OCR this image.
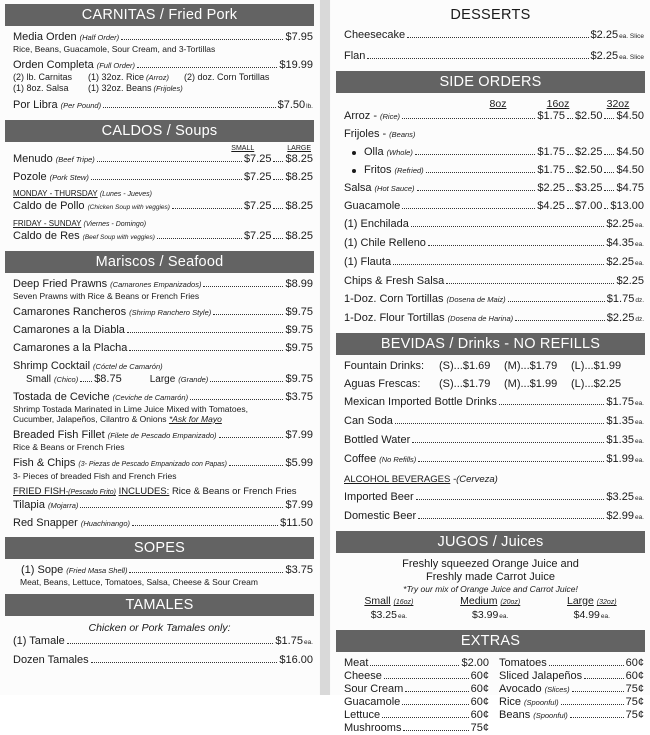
CARNITAS / Fried Pork
Media Orden (Half Order)	$7.95
Rice, Beans, Guacamole, Sour Cream, and 3-Tortillas
Orden Completa (Full Order)	$19.99
(2) lb. Carnitas	(1) 32oz. Rice (Arroz)	(2) doz. Corn Tortillas
(1) 8oz. Salsa	(1) 32oz. Beans (Frijoles)
Por Libra (Per Pound)	$7.50 lb.
CALDOS / Soups
SMALL	LARGE
Menudo (Beef Tripe)	$7.25 $8.25
Pozole (Pork Stew)	$7.25 $8.25
MONDAY - THURSDAY (Lunes - Jueves)
Caldo de Pollo (Chicken Soup with veggies)	$7.25 $8.25
FRIDAY - SUNDAY (Viernes - Domingo)
Caldo de Res (Beef Soup with veggies)	$7.25 $8.25
Mariscos / Seafood
Deep Fried Prawns (Camarones Empanizados)	$8.99
Seven Prawns with Rice & Beans or French Fries
Camarones Rancheros (Shrimp Ranchero Style)	$9.75
Camarones a la Diabla	$9.75
Camarones a la Placha	$9.75
Shrimp Cocktail (Cóctel de Camarón)
Small (Chico) $8.75	Large (Grande)	$9.75
Tostada de Ceviche (Ceviche de Camarón)	$3.75
Shrimp Tostada Marinated in Lime Juice Mixed with Tomatoes,
Cucumber, Jalapeños, Cilantro & Onions *Ask for Mayo
Breaded Fish Fillet (Filete de Pescado Empanizado)	$7.99
Rice & Beans or French Fries
Fish & Chips (3- Piezas de Pescado Empanizado con Papas)	$5.99
3- Pieces of breaded Fish and French Fries
FRIED FISH-(Pescado Frito) INCLUDES: Rice & Beans or French Fries
Tilapia (Mojarra)	$7.99
Red Snapper (Huachinango)	$11.50
SOPES
(1) Sope (Fried Masa Shell)	$3.75
Meat, Beans, Lettuce, Tomatoes, Salsa, Cheese & Sour Cream
TAMALES
Chicken or Pork Tamales only:
(1) Tamale	$1.75 ea.
Dozen Tamales	$16.00
DESSERTS
Cheesecake	$2.25 ea. Slice
Flan	$2.25 ea. Slice
SIDE ORDERS
8oz	16oz	32oz
Arroz - (Rice)	$1.75 $2.50 $4.50
Frijoles - (Beans)
Olla (Whole)	$1.75 $2.25 $4.50
Fritos (Refried)	$1.75 $2.50 $4.50
Salsa (Hot Sauce)	$2.25 $3.25 $4.75
Guacamole	$4.25 $7.00 $13.00
(1) Enchilada	$2.25 ea.
(1) Chile Relleno	$4.35 ea.
(1) Flauta	$2.25 ea.
Chips & Fresh Salsa	$2.25
1-Doz. Corn Tortillas (Dosena de Maiz)	$1.75 dz.
1-Doz. Flour Tortillas (Dosena de Harina)	$2.25 dz.
BEVIDAS / Drinks - NO REFILLS
Fountain Drinks:	(S)...$1.69	(M)...$1.79	(L)...$1.99
Aguas Frescas:	(S)...$1.79	(M)...$1.99	(L)...$2.25
Mexican Imported Bottle Drinks	$1.75 ea.
Can Soda	$1.35 ea.
Bottled Water	$1.35 ea.
Coffee (No Refills)	$1.99 ea.
ALCOHOL BEVERAGES -(Cerveza)
Imported Beer	$3.25 ea.
Domestic Beer	$2.99 ea.
JUGOS / Juices
Freshly squeezed Orange Juice and
Freshly made Carrot Juice
*Try our mix of Orange Juice and Carrot Juice!
Small (16oz)
$3.25ea.
Medium (20oz)
$3.99ea.
Large (32oz)
$4.99ea.
EXTRAS
Meat	$2.00
Cheese	60¢
Sour Cream	60¢
Guacamole	60¢
Lettuce	60¢
Mushrooms	75¢
Tomatoes	60¢
Sliced Jalapeños	60¢
Avocado (Slices)	75¢
Rice (Spoonful)	75¢
Beans (Spoonful)	75¢
